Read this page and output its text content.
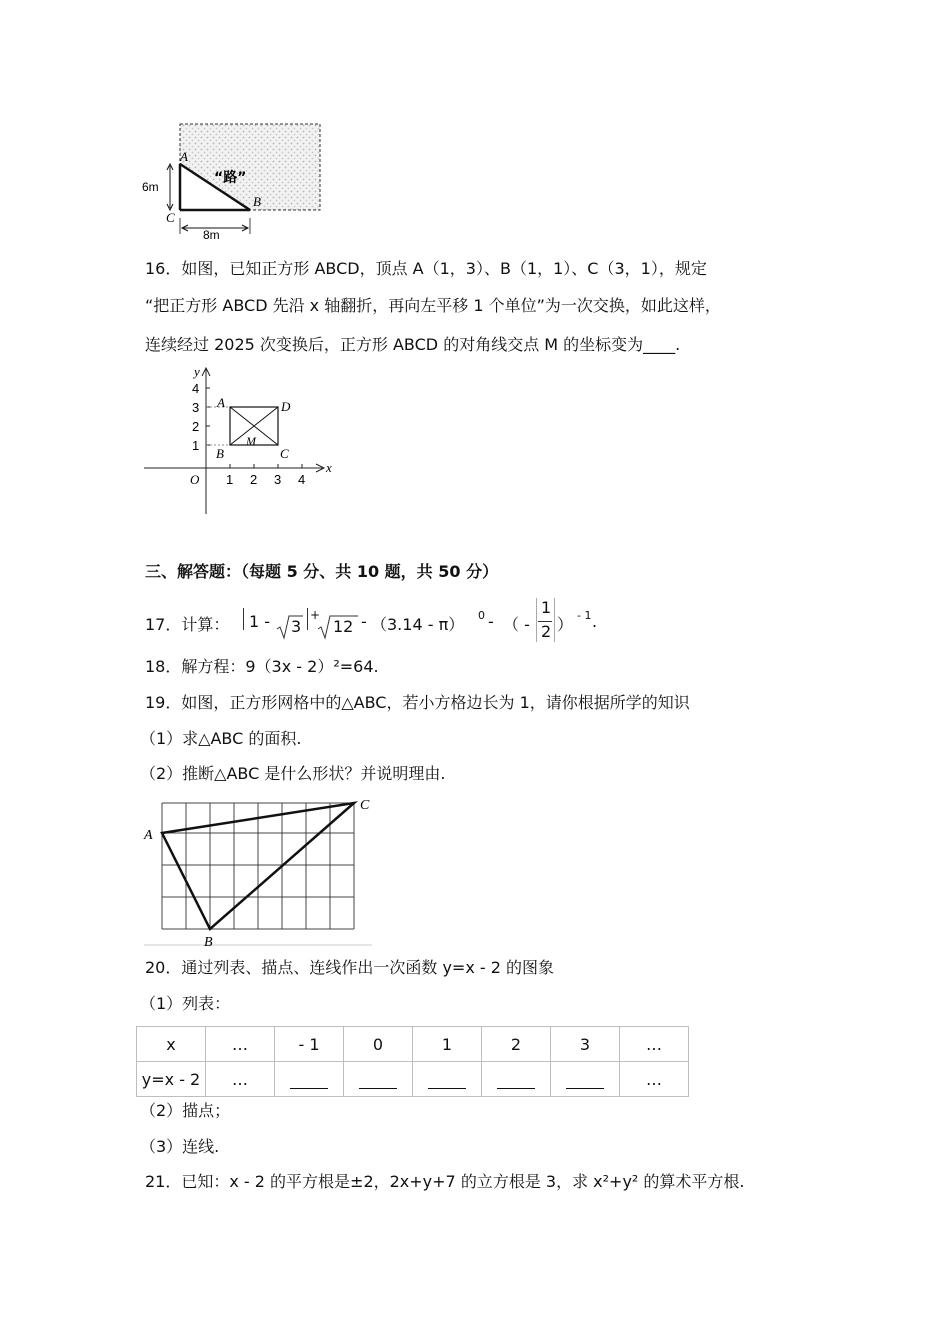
A
B
C
6m
8m
“路”
16．如图，已知正方形 ABCD，顶点 A（1，3）、B（1，1）、C（3，1），规定
“把正方形 ABCD 先沿 x 轴翻折，再向左平移 1 个单位”为一次交换，如此这样，
连续经过 2025 次变换后，正方形 ABCD 的对角线交点 M 的坐标变为____.
y
x
O 1 2 3 4
1
2
3
4
A
B	C
D
M
三、解答题：（每题 5 分、共 10 题，共 50 分）
17．计算： 1 - 3
+
12 - （3.14 - π） 0 - （ -
1
2 ） - 1 .
18．解方程：9（3x - 2）²=64.
19．如图，正方形网格中的△ABC，若小方格边长为 1，请你根据所学的知识
（1）求△ABC 的面积.
（2）推断△ABC 是什么形状？并说明理由.
A
B
C
20．通过列表、描点、连线作出一次函数 y=x - 2 的图象
（1）列表：
x	…	- 1	0	1	2	3	…
y=x - 2	…						…
（2）描点；
（3）连线.
21．已知：x - 2 的平方根是±2，2x+y+7 的立方根是 3，求 x²+y² 的算术平方根.
